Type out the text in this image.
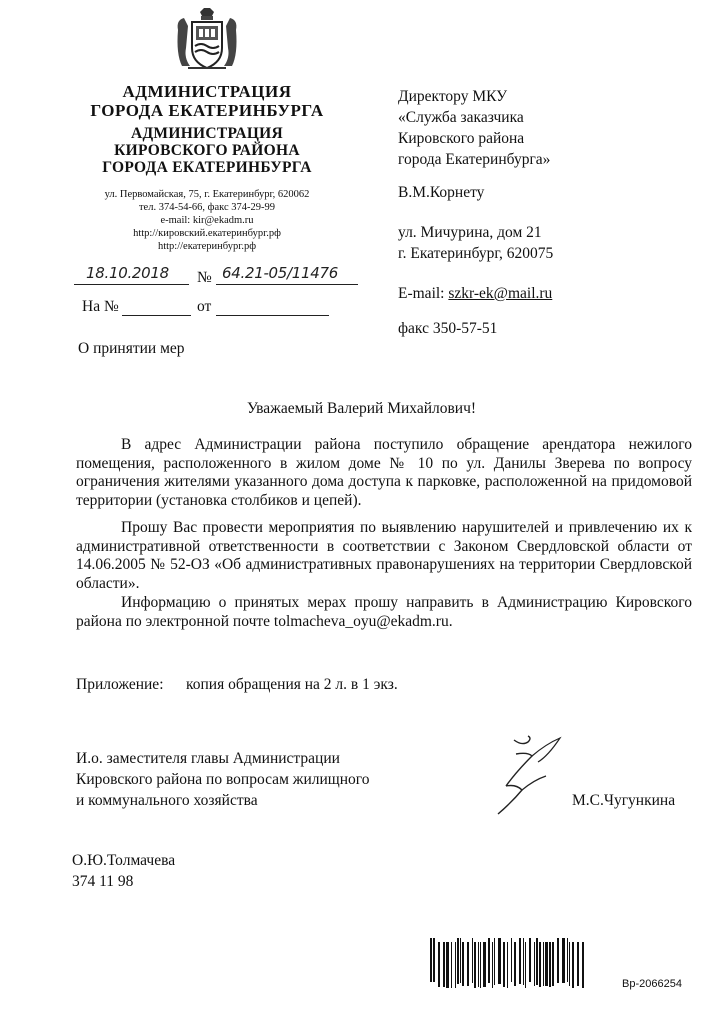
АДМИНИСТРАЦИЯ
ГОРОДА ЕКАТЕРИНБУРГА
АДМИНИСТРАЦИЯ
КИРОВСКОГО РАЙОНА
ГОРОДА ЕКАТЕРИНБУРГА
ул. Первомайская, 75, г. Екатеринбург, 620062
тел. 374-54-66, факс 374-29-99
e-mail: kir@ekadm.ru
http://кировский.екатеринбург.рф
http://екатеринбург.рф
18.10.2018 № 64.21-05/11476
На №	от
О принятии мер
Директору МКУ
«Служба заказчика
Кировского района
города Екатеринбурга»
В.М.Корнету
ул. Мичурина, дом 21
г. Екатеринбург, 620075
E-mail: szkr-ek@mail.ru
факс 350-57-51
Уважаемый Валерий Михайлович!
В адрес Администрации района поступило обращение арендатора нежилого помещения, расположенного в жилом доме № 10 по ул. Данилы Зверева по вопросу ограничения жителями указанного дома доступа к парковке, расположенной на придомовой территории (установка столбиков и цепей).
Прошу Вас провести мероприятия по выявлению нарушителей и привлечению их к административной ответственности в соответствии с Законом Свердловской области от 14.06.2005 № 52-ОЗ «Об административных правонарушениях на территории Свердловской области».
Информацию о принятых мерах прошу направить в Администрацию Кировского района по электронной почте tolmacheva_oyu@ekadm.ru.
Приложение: копия обращения на 2 л. в 1 экз.
И.о. заместителя главы Администрации
Кировского района по вопросам жилищного
и коммунального хозяйства	М.С.Чугункина
О.Ю.Толмачева
374 11 98
Вр-2066254
